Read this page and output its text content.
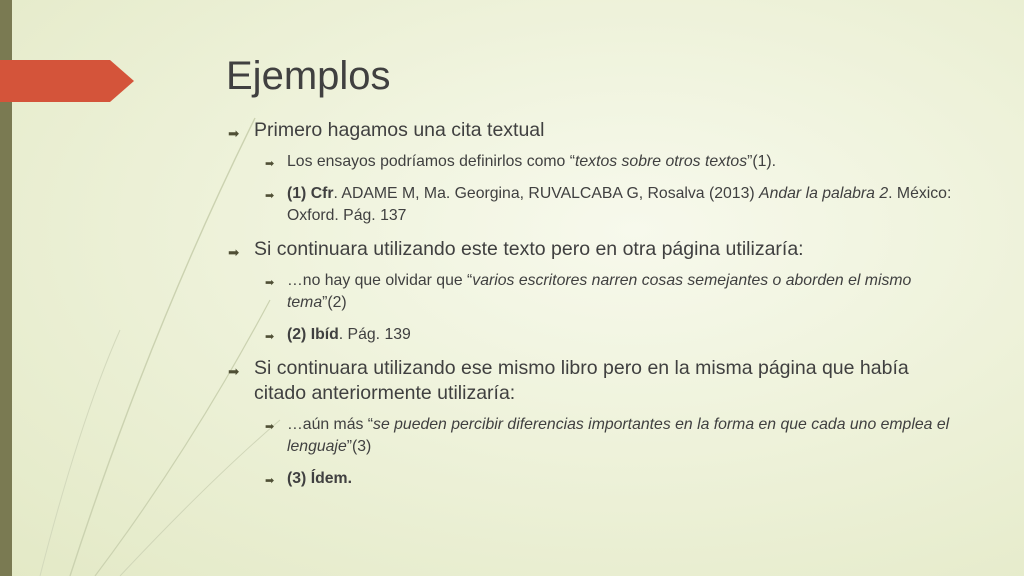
Ejemplos
➡ Primero hagamos una cita textual
➡ Los ensayos podríamos definirlos como “textos sobre otros textos”(1).
➡ (1) Cfr. ADAME M, Ma. Georgina, RUVALCABA G, Rosalva (2013) Andar la palabra 2. México: Oxford. Pág. 137
➡ Si continuara utilizando este texto pero en otra página utilizaría:
➡ …no hay que olvidar que “varios escritores narren cosas semejantes o aborden el mismo tema”(2)
➡ (2) Ibíd. Pág. 139
➡ Si continuara utilizando ese mismo libro pero en la misma página que había citado anteriormente utilizaría:
➡ …aún más “se pueden percibir diferencias importantes en la forma en que cada uno emplea el lenguaje”(3)
➡ (3) Ídem.
